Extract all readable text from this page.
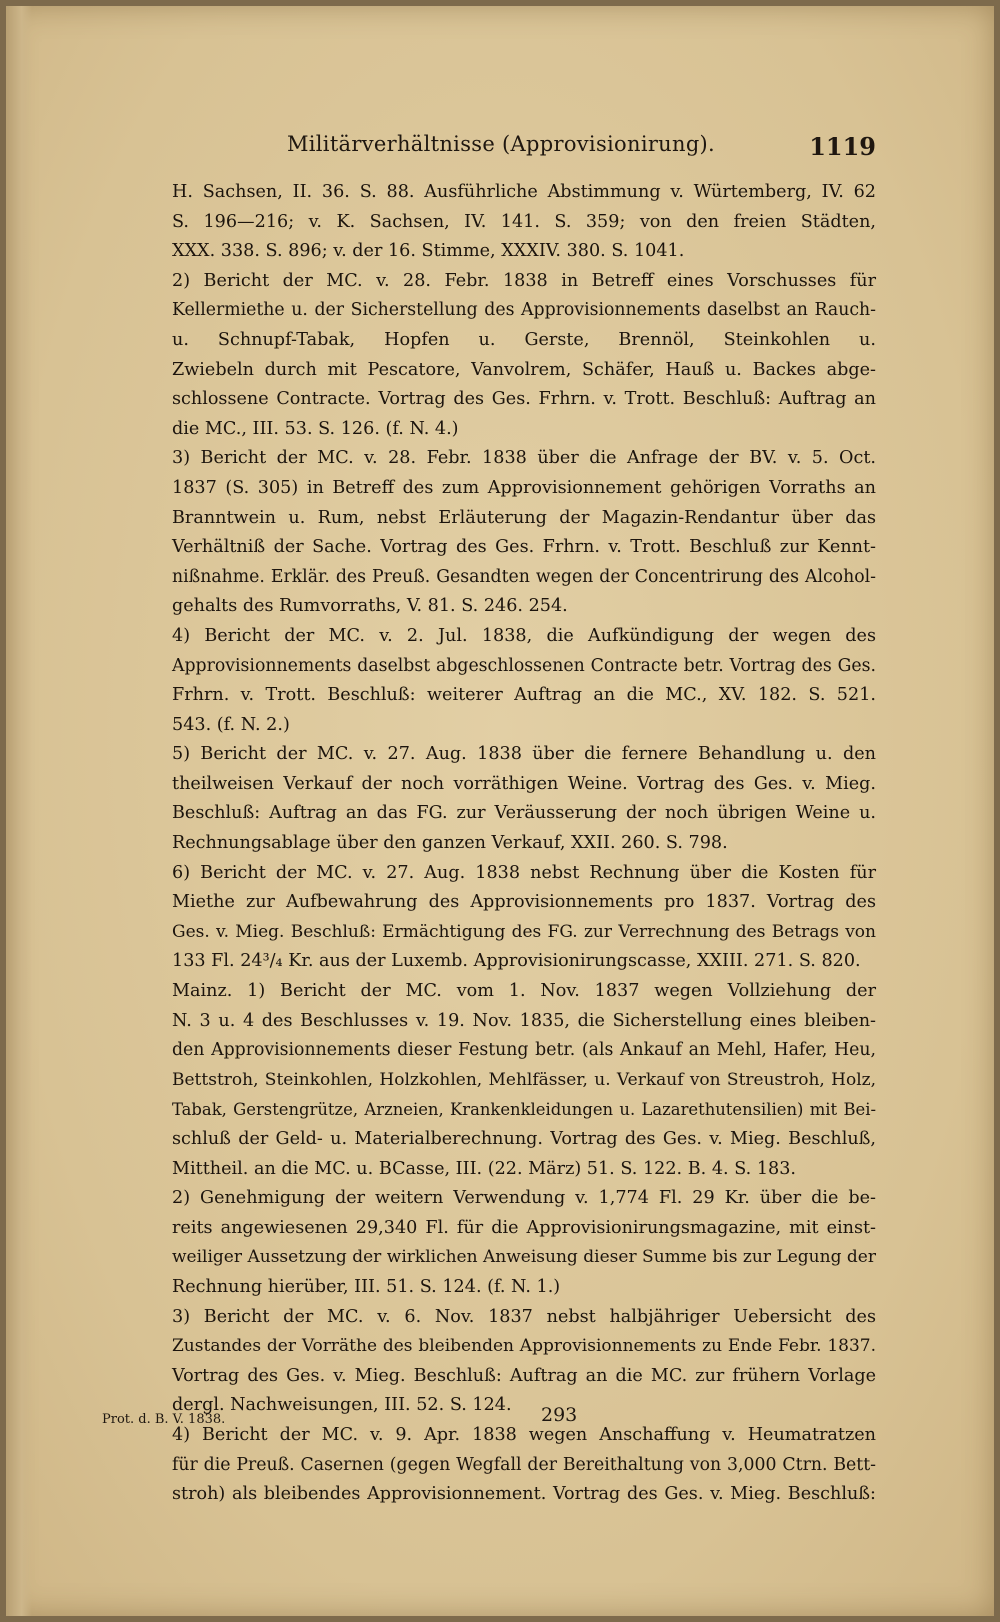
Militärverhältnisse (Approvisionirung).	1119
H. Sachsen, II. 36. S. 88. Ausführliche Abstimmung v. Würtemberg, IV. 62
S. 196—216; v. K. Sachsen, IV. 141. S. 359; von den freien Städten,
XXX. 338. S. 896; v. der 16. Stimme, XXXIV. 380. S. 1041.
2) Bericht der MC. v. 28. Febr. 1838 in Betreff eines Vorschusses für
Kellermiethe u. der Sicherstellung des Approvisionnements daselbst an Rauch-
u. Schnupf-Tabak, Hopfen u. Gerste, Brennöl, Steinkohlen u.
Zwiebeln durch mit Pescatore, Vanvolrem, Schäfer, Hauß u. Backes abge-
schlossene Contracte. Vortrag des Ges. Frhrn. v. Trott. Beschluß: Auftrag an
die MC., III. 53. S. 126. (f. N. 4.)
3) Bericht der MC. v. 28. Febr. 1838 über die Anfrage der BV. v. 5. Oct.
1837 (S. 305) in Betreff des zum Approvisionnement gehörigen Vorraths an
Branntwein u. Rum, nebst Erläuterung der Magazin-Rendantur über das
Verhältniß der Sache. Vortrag des Ges. Frhrn. v. Trott. Beschluß zur Kennt-
nißnahme. Erklär. des Preuß. Gesandten wegen der Concentrirung des Alcohol-
gehalts des Rumvorraths, V. 81. S. 246. 254.
4) Bericht der MC. v. 2. Jul. 1838, die Aufkündigung der wegen des
Approvisionnements daselbst abgeschlossenen Contracte betr. Vortrag des Ges.
Frhrn. v. Trott. Beschluß: weiterer Auftrag an die MC., XV. 182. S. 521.
543. (f. N. 2.)
5) Bericht der MC. v. 27. Aug. 1838 über die fernere Behandlung u. den
theilweisen Verkauf der noch vorräthigen Weine. Vortrag des Ges. v. Mieg.
Beschluß: Auftrag an das FG. zur Veräusserung der noch übrigen Weine u.
Rechnungsablage über den ganzen Verkauf, XXII. 260. S. 798.
6) Bericht der MC. v. 27. Aug. 1838 nebst Rechnung über die Kosten für
Miethe zur Aufbewahrung des Approvisionnements pro 1837. Vortrag des
Ges. v. Mieg. Beschluß: Ermächtigung des FG. zur Verrechnung des Betrags von
133 Fl. 24³/₄ Kr. aus der Luxemb. Approvisionirungscasse, XXIII. 271. S. 820.
Mainz. 1) Bericht der MC. vom 1. Nov. 1837 wegen Vollziehung der
N. 3 u. 4 des Beschlusses v. 19. Nov. 1835, die Sicherstellung eines bleiben-
den Approvisionnements dieser Festung betr. (als Ankauf an Mehl, Hafer, Heu,
Bettstroh, Steinkohlen, Holzkohlen, Mehlfässer, u. Verkauf von Streustroh, Holz,
Tabak, Gerstengrütze, Arzneien, Krankenkleidungen u. Lazarethutensilien) mit Bei-
schluß der Geld- u. Materialberechnung. Vortrag des Ges. v. Mieg. Beschluß,
Mittheil. an die MC. u. BCasse, III. (22. März) 51. S. 122. B. 4. S. 183.
2) Genehmigung der weitern Verwendung v. 1,774 Fl. 29 Kr. über die be-
reits angewiesenen 29,340 Fl. für die Approvisionirungsmagazine, mit einst-
weiliger Aussetzung der wirklichen Anweisung dieser Summe bis zur Legung der
Rechnung hierüber, III. 51. S. 124. (f. N. 1.)
3) Bericht der MC. v. 6. Nov. 1837 nebst halbjähriger Uebersicht des
Zustandes der Vorräthe des bleibenden Approvisionnements zu Ende Febr. 1837.
Vortrag des Ges. v. Mieg. Beschluß: Auftrag an die MC. zur frühern Vorlage
dergl. Nachweisungen, III. 52. S. 124.
4) Bericht der MC. v. 9. Apr. 1838 wegen Anschaffung v. Heumatratzen
für die Preuß. Casernen (gegen Wegfall der Bereithaltung von 3,000 Ctrn. Bett-
stroh) als bleibendes Approvisionnement. Vortrag des Ges. v. Mieg. Beschluß:
Prot. d. B. V. 1838.	293
